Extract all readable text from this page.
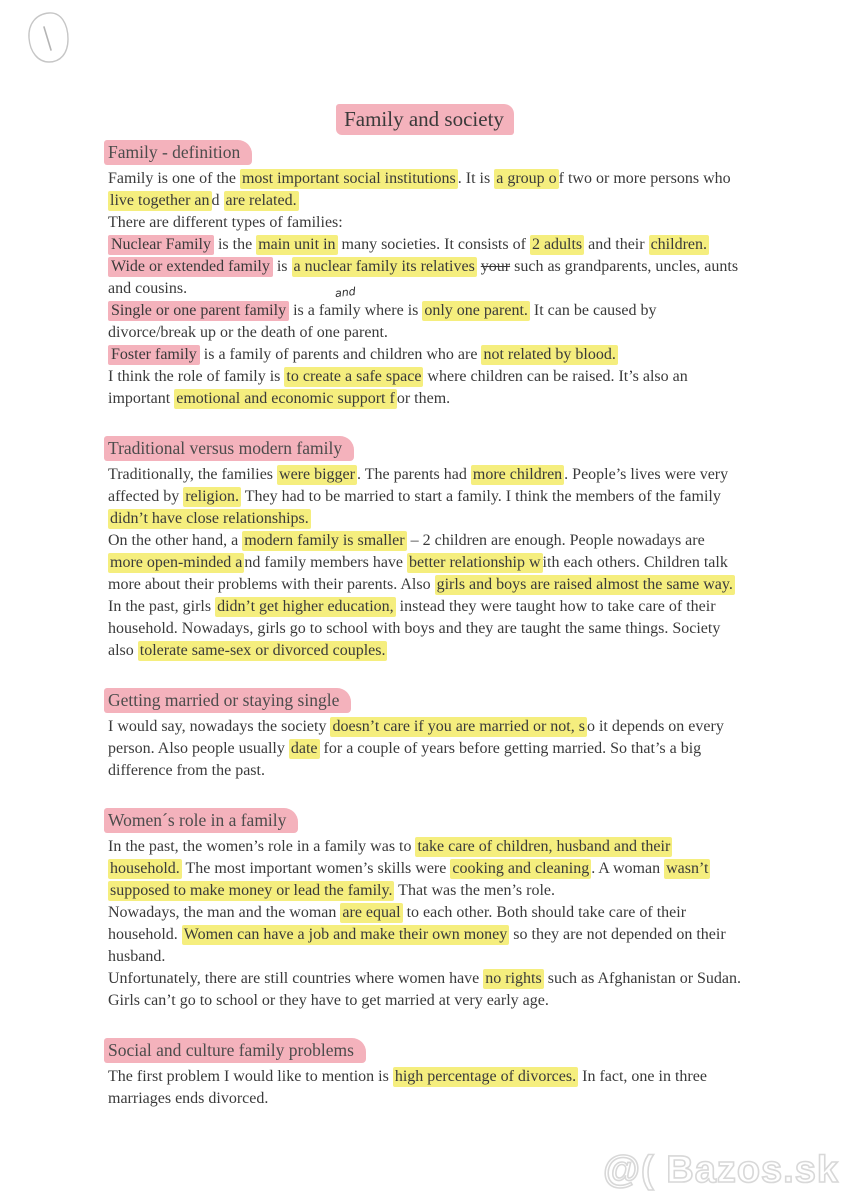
Family and society
Family - definition

Family is one of the most important social institutions . It is a group o f two or more persons who live together an d are related.

There are different types of families:

Nuclear Family is the main unit in many societies. It consists of 2 adults and their children.

Wide or extended family is a nuclear family its relatives
and
your such as grandparents, uncles, aunts and cousins.

Single or one parent family is a family where is only one parent. It can be caused by divorce/break up or the death of one parent.

Foster family is a family of parents and children who are not related by blood.

I think the role of family is to create a safe space where children can be raised. It’s also an important emotional and economic support f or them.

Traditional versus modern family

Traditionally, the families were bigger . The parents had more children . People’s lives were very affected by religion. They had to be married to start a family. I think the members of the family didn’t have close relationships.

On the other hand, a modern family is smaller – 2 children are enough. People nowadays are more open-minded a nd family members have better relationship w ith each others. Children talk more about their problems with their parents. Also girls and boys are raised almost the same way. In the past, girls didn’t get higher education, instead they were taught how to take care of their household. Nowadays, girls go to school with boys and they are taught the same things. Society also tolerate same-sex or divorced couples.

Getting married or staying single

I would say, nowadays the society doesn’t care if you are married or not, s o it depends on every person. Also people usually date for a couple of years before getting married. So that’s a big difference from the past.

Women´s role in a family

In the past, the women’s role in a family was to take care of children, husband and their household. The most important women’s skills were cooking and cleaning . A woman wasn’t supposed to make money or lead the family. That was the men’s role.

Nowadays, the man and the woman are equal to each other. Both should take care of their household. Women can have a job and make their own money so they are not depended on their husband.

Unfortunately, there are still countries where women have no rights such as Afghanistan or Sudan. Girls can’t go to school or they have to get married at very early age.

Social and culture family problems

The first problem I would like to mention is high percentage of divorces. In fact, one in three marriages ends divorced.

@( Bazos.sk
